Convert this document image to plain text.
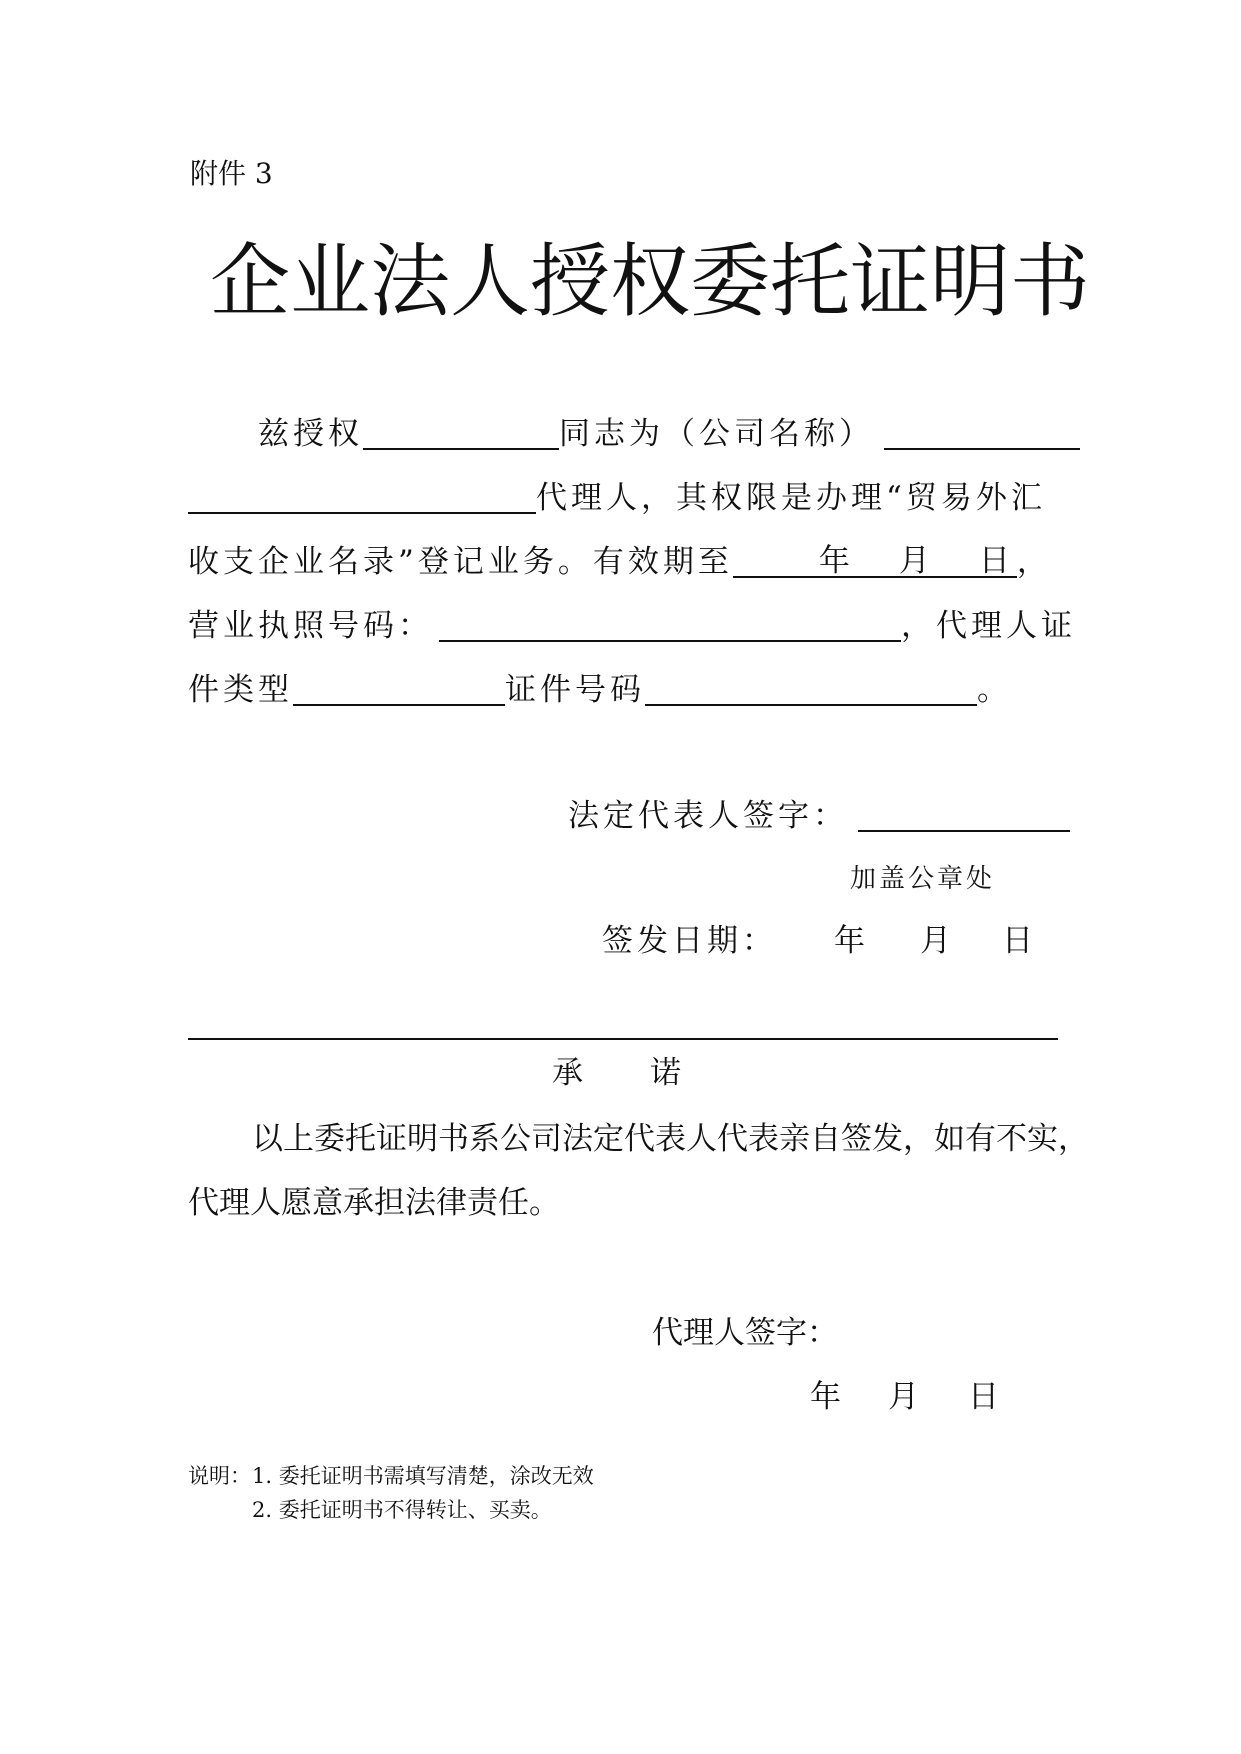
附件 3
企业法人授权委托证明书
兹授权	同志为（公司名称）
代理人，其权限是办理“贸易外汇
收支企业名录”登记业务。有效期至	年 月 日 ，
营业执照号码：	，代理人证
件类型	证件号码	。
法定代表人签字：
加盖公章处
签发日期： 年 月 日
承 诺
以上委托证明书系公司法定代表人代表亲自签发，如有不实，
代理人愿意承担法律责任。
代理人签字：
年 月 日
说明： 1. 委托证明书需填写清楚，涂改无效
2. 委托证明书不得转让、买卖。
